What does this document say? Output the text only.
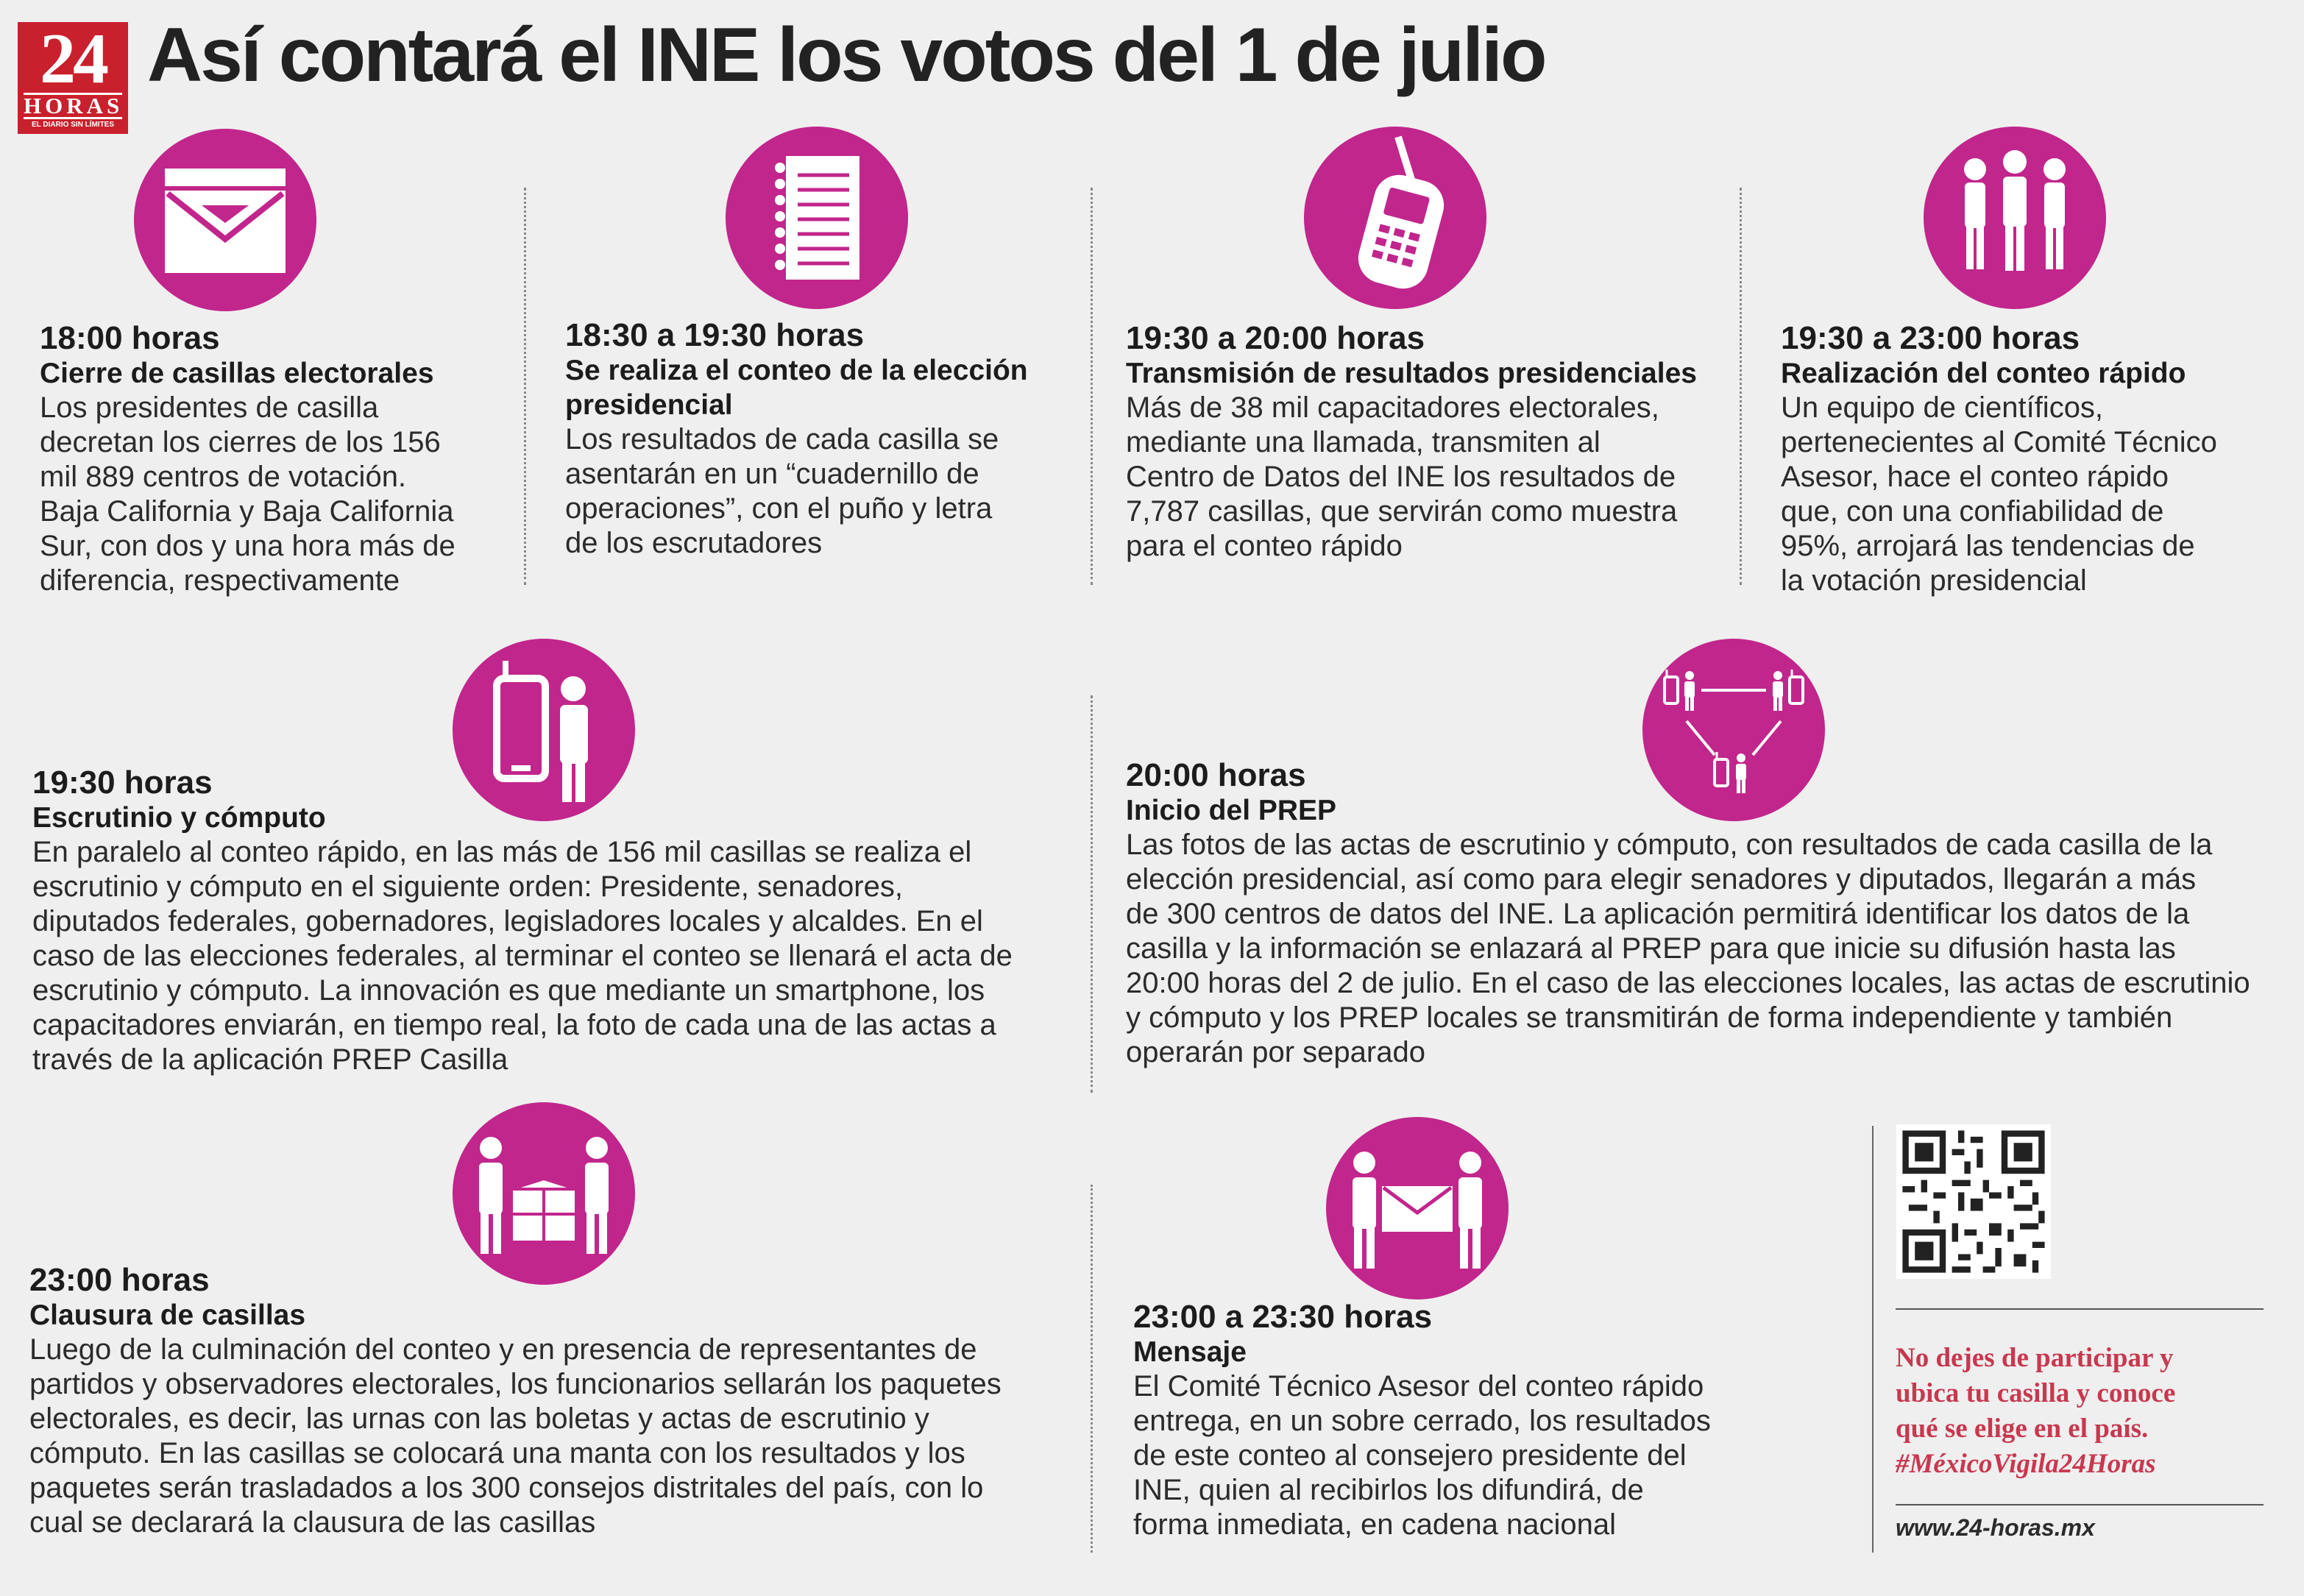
24
HORAS
EL DIARIO SIN LÍMITES
Así contará el INE los votos del 1 de julio
18:00 horas
Cierre de casillas electorales

Los presidentes de casilla

decretan los cierres de los 156

mil 889 centros de votación.

Baja California y Baja California

Sur, con dos y una hora más de

diferencia, respectivamente

18:30 a 19:30 horas
Se realiza el conteo de la elección
presidencial

Los resultados de cada casilla se

asentarán en un “cuadernillo de

operaciones”, con el puño y letra

de los escrutadores

19:30 a 20:00 horas
Transmisión de resultados presidenciales

Más de 38 mil capacitadores electorales,

mediante una llamada, transmiten al

Centro de Datos del INE los resultados de

7,787 casillas, que servirán como muestra

para el conteo rápido

19:30 a 23:00 horas
Realización del conteo rápido

Un equipo de científicos,

pertenecientes al Comité Técnico

Asesor, hace el conteo rápido

que, con una confiabilidad de

95%, arrojará las tendencias de

la votación presidencial

19:30 horas
Escrutinio y cómputo

En paralelo al conteo rápido, en las más de 156 mil casillas se realiza el

escrutinio y cómputo en el siguiente orden: Presidente, senadores,

diputados federales, gobernadores, legisladores locales y alcaldes. En el

caso de las elecciones federales, al terminar el conteo se llenará el acta de

escrutinio y cómputo. La innovación es que mediante un smartphone, los

capacitadores enviarán, en tiempo real, la foto de cada una de las actas a

través de la aplicación PREP Casilla

20:00 horas
Inicio del PREP

Las fotos de las actas de escrutinio y cómputo, con resultados de cada casilla de la

elección presidencial, así como para elegir senadores y diputados, llegarán a más

de 300 centros de datos del INE. La aplicación permitirá identificar los datos de la

casilla y la información se enlazará al PREP para que inicie su difusión hasta las

20:00 horas del 2 de julio. En el caso de las elecciones locales, las actas de escrutinio

y cómputo y los PREP locales se transmitirán de forma independiente y también

operarán por separado

23:00 horas
Clausura de casillas

Luego de la culminación del conteo y en presencia de representantes de

partidos y observadores electorales, los funcionarios sellarán los paquetes

electorales, es decir, las urnas con las boletas y actas de escrutinio y

cómputo. En las casillas se colocará una manta con los resultados y los

paquetes serán trasladados a los 300 consejos distritales del país, con lo

cual se declarará la clausura de las casillas

23:00 a 23:30 horas
Mensaje

El Comité Técnico Asesor del conteo rápido

entrega, en un sobre cerrado, los resultados

de este conteo al consejero presidente del

INE, quien al recibirlos los difundirá, de

forma inmediata, en cadena nacional

No dejes de participar y
ubica tu casilla y conoce
qué se elige en el país.
#MéxicoVigila24Horas
www.24-horas.mx
